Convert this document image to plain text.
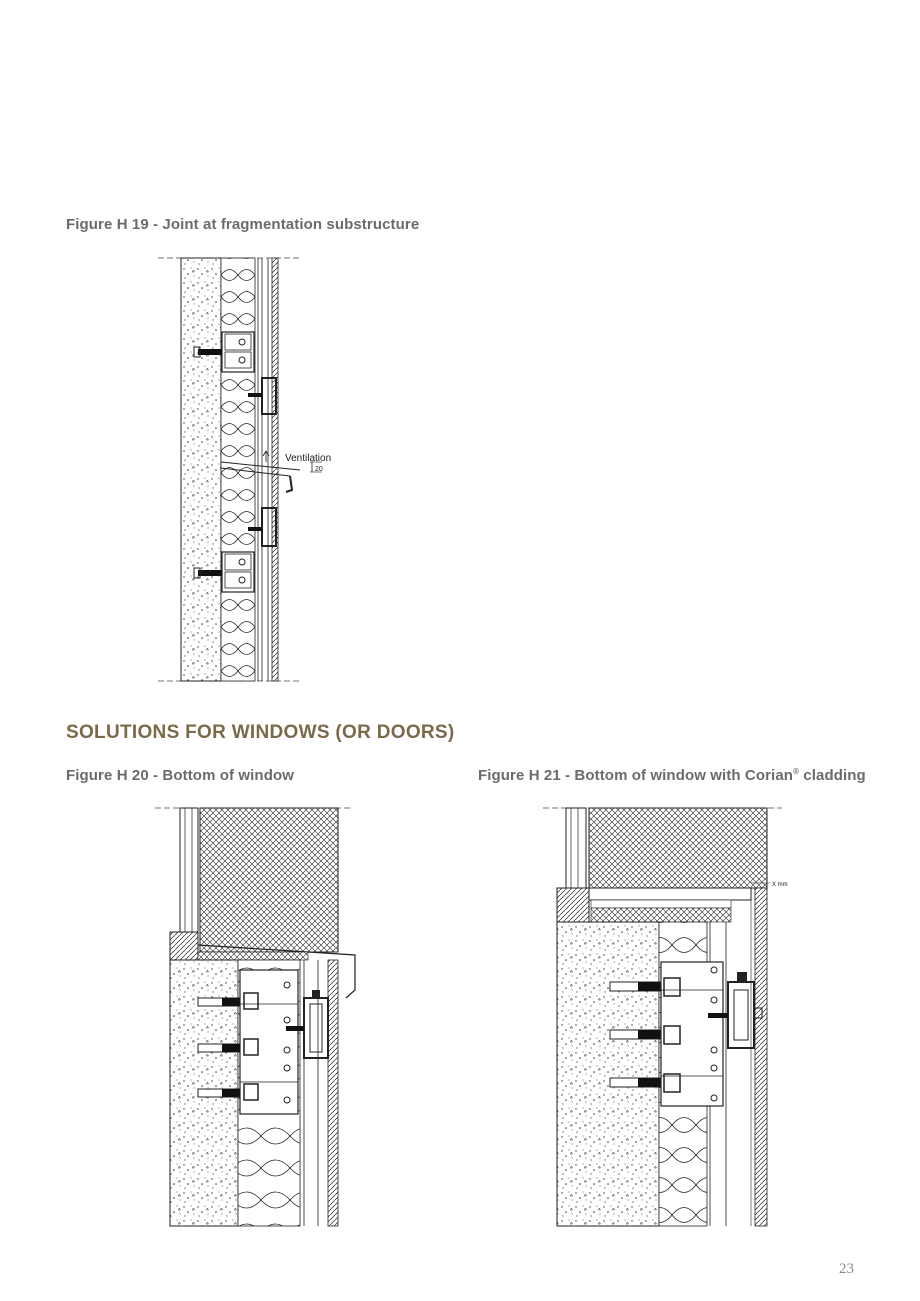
Figure H 19 - Joint at fragmentation substructure
SOLUTIONS FOR WINDOWS (OR DOORS)
Figure H 20 - Bottom of window	Figure H 21 - Bottom of window with Corian® cladding
23
Ventilation
20
X mm
